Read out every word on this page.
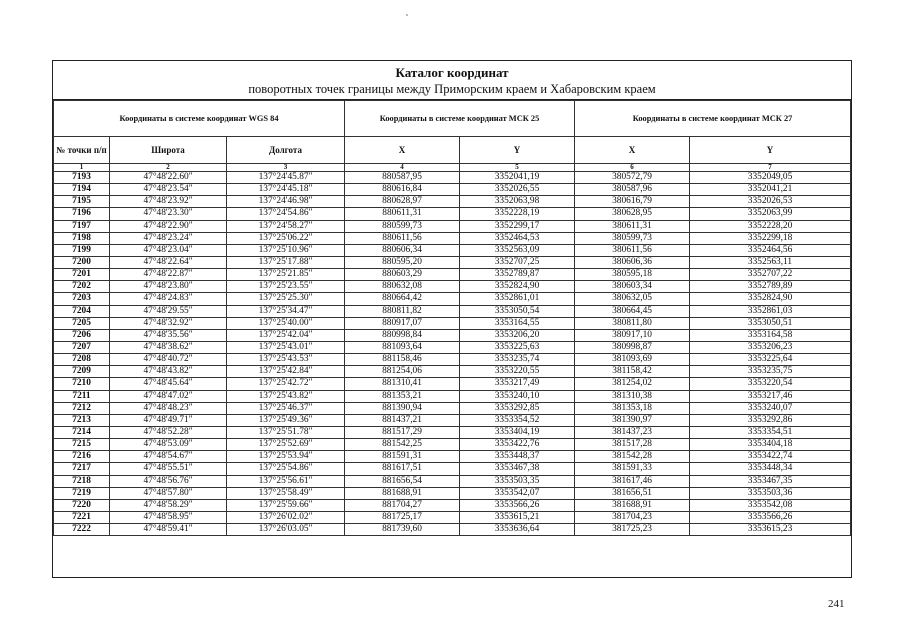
Каталог координат
поворотных точек границы между Приморским краем и Хабаровским краем
Координаты в системе координат WGS 84			Координаты в системе координат МСК 25		Координаты в системе координат МСК 27	
№ точки п/п	Широта	Долгота	X	Y	X	Y
1	2	3	4	5	6	7
7193	47°48'22.60"	137°24'45.87"	880587,95	3352041,19	380572,79	3352049,05
7194	47°48'23.54"	137°24'45.18"	880616,84	3352026,55	380587,96	3352041,21
7195	47°48'23.92"	137°24'46.98"	880628,97	3352063,98	380616,79	3352026,53
7196	47°48'23.30"	137°24'54.86"	880611,31	3352228,19	380628,95	3352063,99
7197	47°48'22.90"	137°24'58.27"	880599,73	3352299,17	380611,31	3352228,20
7198	47°48'23.24"	137°25'06.22"	880611,56	3352464,53	380599,73	3352299,18
7199	47°48'23.04"	137°25'10.96"	880606,34	3352563,09	380611,56	3352464,56
7200	47°48'22.64"	137°25'17.88"	880595,20	3352707,25	380606,36	3352563,11
7201	47°48'22.87"	137°25'21.85"	880603,29	3352789,87	380595,18	3352707,22
7202	47°48'23.80"	137°25'23.55"	880632,08	3352824,90	380603,34	3352789,89
7203	47°48'24.83"	137°25'25.30"	880664,42	3352861,01	380632,05	3352824,90
7204	47°48'29.55"	137°25'34.47"	880811,82	3353050,54	380664,45	3352861,03
7205	47°48'32.92"	137°25'40.00"	880917,07	3353164,55	380811,80	3353050,51
7206	47°48'35.56"	137°25'42.04"	880998,84	3353206,20	380917,10	3353164,58
7207	47°48'38.62"	137°25'43.01"	881093,64	3353225,63	380998,87	3353206,23
7208	47°48'40.72"	137°25'43.53"	881158,46	3353235,74	381093,69	3353225,64
7209	47°48'43.82"	137°25'42.84"	881254,06	3353220,55	381158,42	3353235,75
7210	47°48'45.64"	137°25'42.72"	881310,41	3353217,49	381254,02	3353220,54
7211	47°48'47.02"	137°25'43.82"	881353,21	3353240,10	381310,38	3353217,46
7212	47°48'48.23"	137°25'46.37"	881390,94	3353292,85	381353,18	3353240,07
7213	47°48'49.71"	137°25'49.36"	881437,21	3353354,52	381390,97	3353292,86
7214	47°48'52.28"	137°25'51.78"	881517,29	3353404,19	381437,23	3353354,51
7215	47°48'53.09"	137°25'52.69"	881542,25	3353422,76	381517,28	3353404,18
7216	47°48'54.67"	137°25'53.94"	881591,31	3353448,37	381542,28	3353422,74
7217	47°48'55.51"	137°25'54.86"	881617,51	3353467,38	381591,33	3353448,34
7218	47°48'56.76"	137°25'56.61"	881656,54	3353503,35	381617,46	3353467,35
7219	47°48'57.80"	137°25'58.49"	881688,91	3353542,07	381656,51	3353503,36
7220	47°48'58.29"	137°25'59.66"	881704,27	3353566,26	381688,91	3353542,08
7221	47°48'58.95"	137°26'02.02"	881725,17	3353615,21	381704,23	3353566,26
7222	47°48'59.41"	137°26'03.05"	881739,60	3353636,64	381725,23	3353615,23
241
